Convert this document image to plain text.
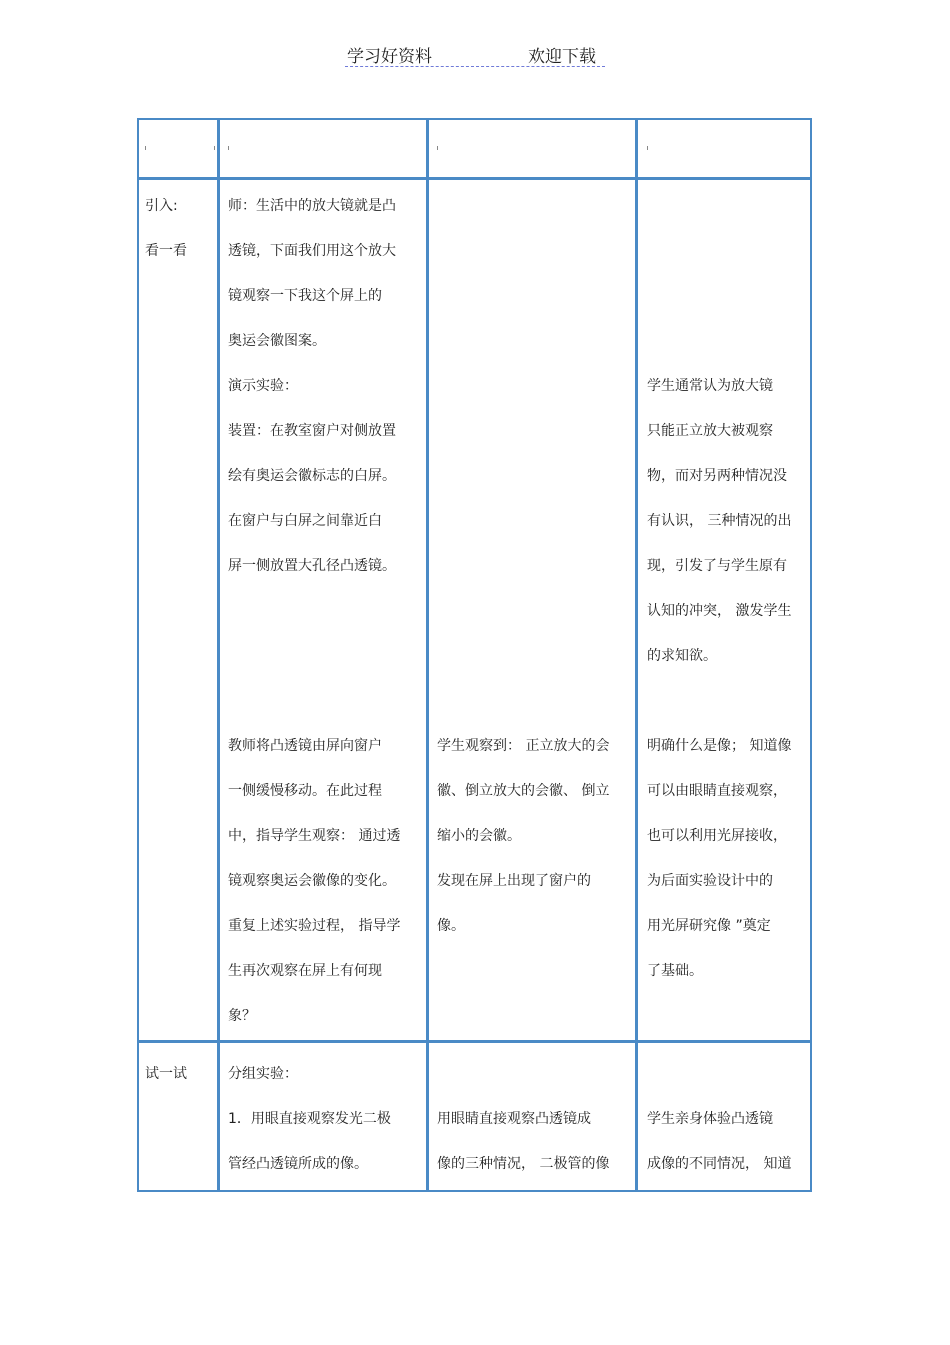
学习好资料	欢迎下载
引入:
看一看
师：生活中的放大镜就是凸
透镜，下面我们用这个放大
镜观察一下我这个屏上的
奥运会徽图案。
演示实验：
装置：在教室窗户对侧放置
绘有奥运会徽标志的白屏。
在窗户与白屏之间靠近白
屏一侧放置大孔径凸透镜。
教师将凸透镜由屏向窗户
一侧缓慢移动。在此过程
中，指导学生观察： 通过透
镜观察奥运会徽像的变化。
重复上述实验过程， 指导学
生再次观察在屏上有何现
象？
学生观察到： 正立放大的会
徽、倒立放大的会徽、 倒立
缩小的会徽。
发现在屏上出现了窗户的
像。
学生通常认为放大镜
只能正立放大被观察
物，而对另两种情况没
有认识， 三种情况的出
现，引发了与学生原有
认知的冲突， 激发学生
的求知欲。
明确什么是像； 知道像
可以由眼睛直接观察，
也可以利用光屏接收，
为后面实验设计中的
用光屏研究像 ”奠定
了基础。
试一试	分组实验：
1．用眼直接观察发光二极
管经凸透镜所成的像。
用眼睛直接观察凸透镜成
像的三种情况， 二极管的像
学生亲身体验凸透镜
成像的不同情况， 知道
